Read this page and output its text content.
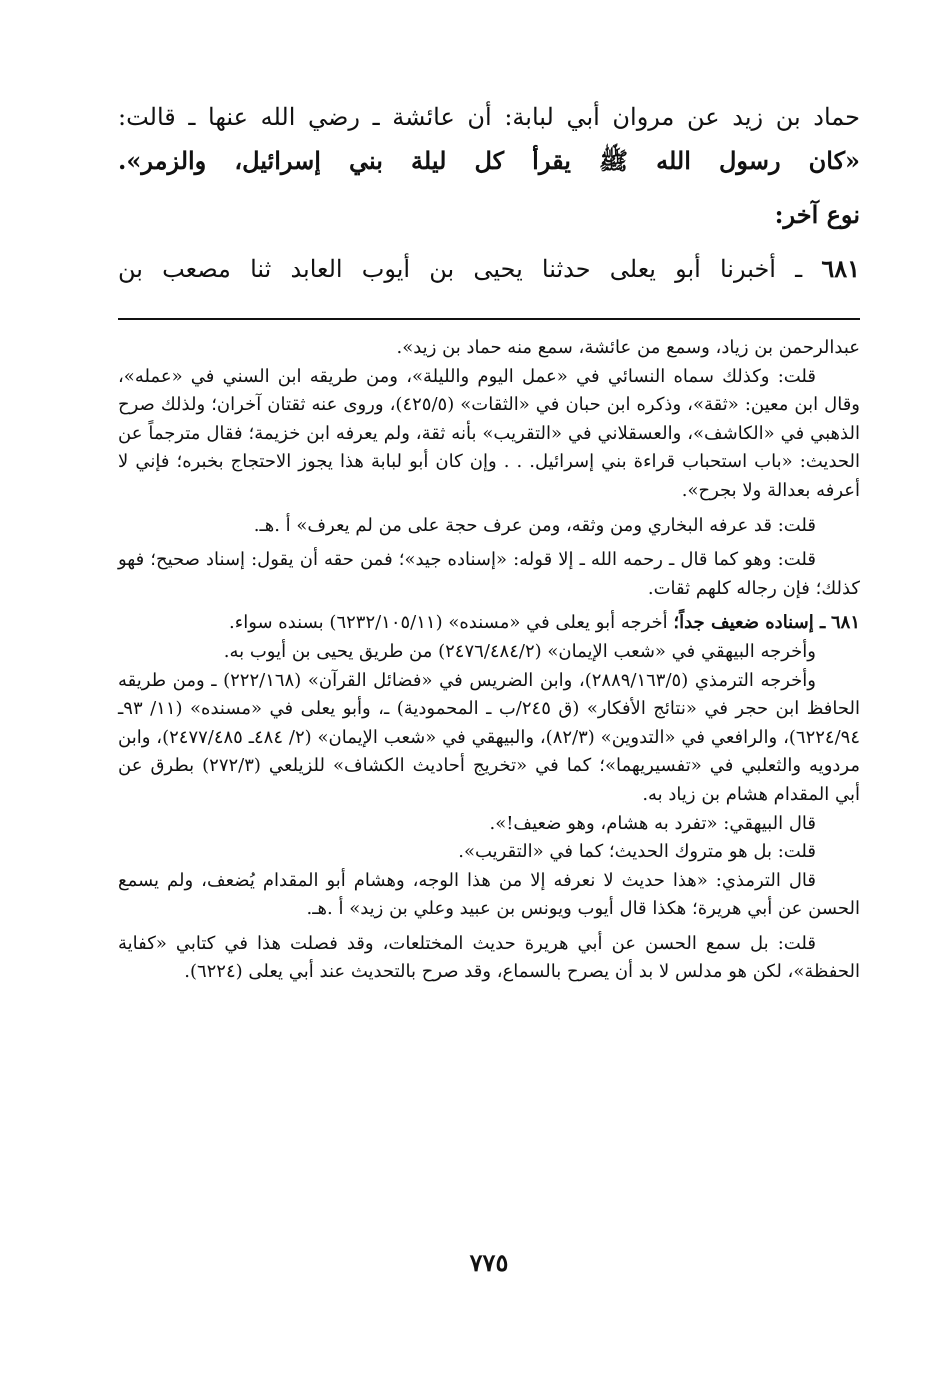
حماد بن زيد عن مروان أبي لبابة: أن عائشة ـ رضي الله عنها ـ قالت:
«كان رسول الله ﷺ يقرأ كل ليلة بني إسرائيل، والزمر».
نوع آخر:
٦٨١ ـ أخبرنا أبو يعلى حدثنا يحيى بن أيوب العابد ثنا مصعب بن

عبدالرحمن بن زياد، وسمع من عائشة، سمع منه حماد بن زيد».

قلت: وكذلك سماه النسائي في «عمل اليوم والليلة»، ومن طريقه ابن السني في «عمله»، وقال ابن معين: «ثقة»، وذكره ابن حبان في «الثقات» (٤٢٥/٥)، وروى عنه ثقتان آخران؛ ولذلك صرح الذهبي في «الكاشف»، والعسقلاني في «التقريب» بأنه ثقة، ولم يعرفه ابن خزيمة؛ فقال مترجماً عن الحديث: «باب استحباب قراءة بني إسرائيل. . . وإن كان أبو لبابة هذا يجوز الاحتجاج بخبره؛ فإني لا أعرفه بعدالة ولا بجرح».

قلت: قد عرفه البخاري ومن وثقه، ومن عرف حجة على من لم يعرف» أ .هـ.

قلت: وهو كما قال ـ رحمه الله ـ إلا قوله: «إسناده جيد»؛ فمن حقه أن يقول: إسناد صحيح؛ فهو كذلك؛ فإن رجاله كلهم ثقات.

٦٨١ ـ إسناده ضعيف جداً؛ أخرجه أبو يعلى في «مسنده» (٦٢٣٢/١٠٥/١١) بسنده سواء.

وأخرجه البيهقي في «شعب الإيمان» (٢٤٧٦/٤٨٤/٢) من طريق يحيى بن أيوب به.

وأخرجه الترمذي (٢٨٨٩/١٦٣/٥)، وابن الضريس في «فضائل القرآن» (٢٢٢/١٦٨) ـ ومن طريقه الحافظ ابن حجر في «نتائج الأفكار» (ق ٢٤٥/ب ـ المحمودية) ـ، وأبو يعلى في «مسنده» (١١/ ٩٣ـ ٦٢٢٤/٩٤)، والرافعي في «التدوين» (٨٢/٣)، والبيهقي في «شعب الإيمان» (٢/ ٤٨٤ـ ٢٤٧٧/٤٨٥)، وابن مردويه والثعلبي في «تفسيريهما»؛ كما في «تخريج أحاديث الكشاف» للزيلعي (٢٧٢/٣) بطرق عن أبي المقدام هشام بن زياد به.

قال البيهقي: «تفرد به هشام، وهو ضعيف!».

قلت: بل هو متروك الحديث؛ كما في «التقريب».

قال الترمذي: «هذا حديث لا نعرفه إلا من هذا الوجه، وهشام أبو المقدام يُضعف، ولم يسمع الحسن عن أبي هريرة؛ هكذا قال أيوب ويونس بن عبيد وعلي بن زيد» أ .هـ.

قلت: بل سمع الحسن عن أبي هريرة حديث المختلعات، وقد فصلت هذا في كتابي «كفاية الحفظة»، لكن هو مدلس لا بد أن يصرح بالسماع، وقد صرح بالتحديث عند أبي يعلى (٦٢٢٤).

٧٧٥
